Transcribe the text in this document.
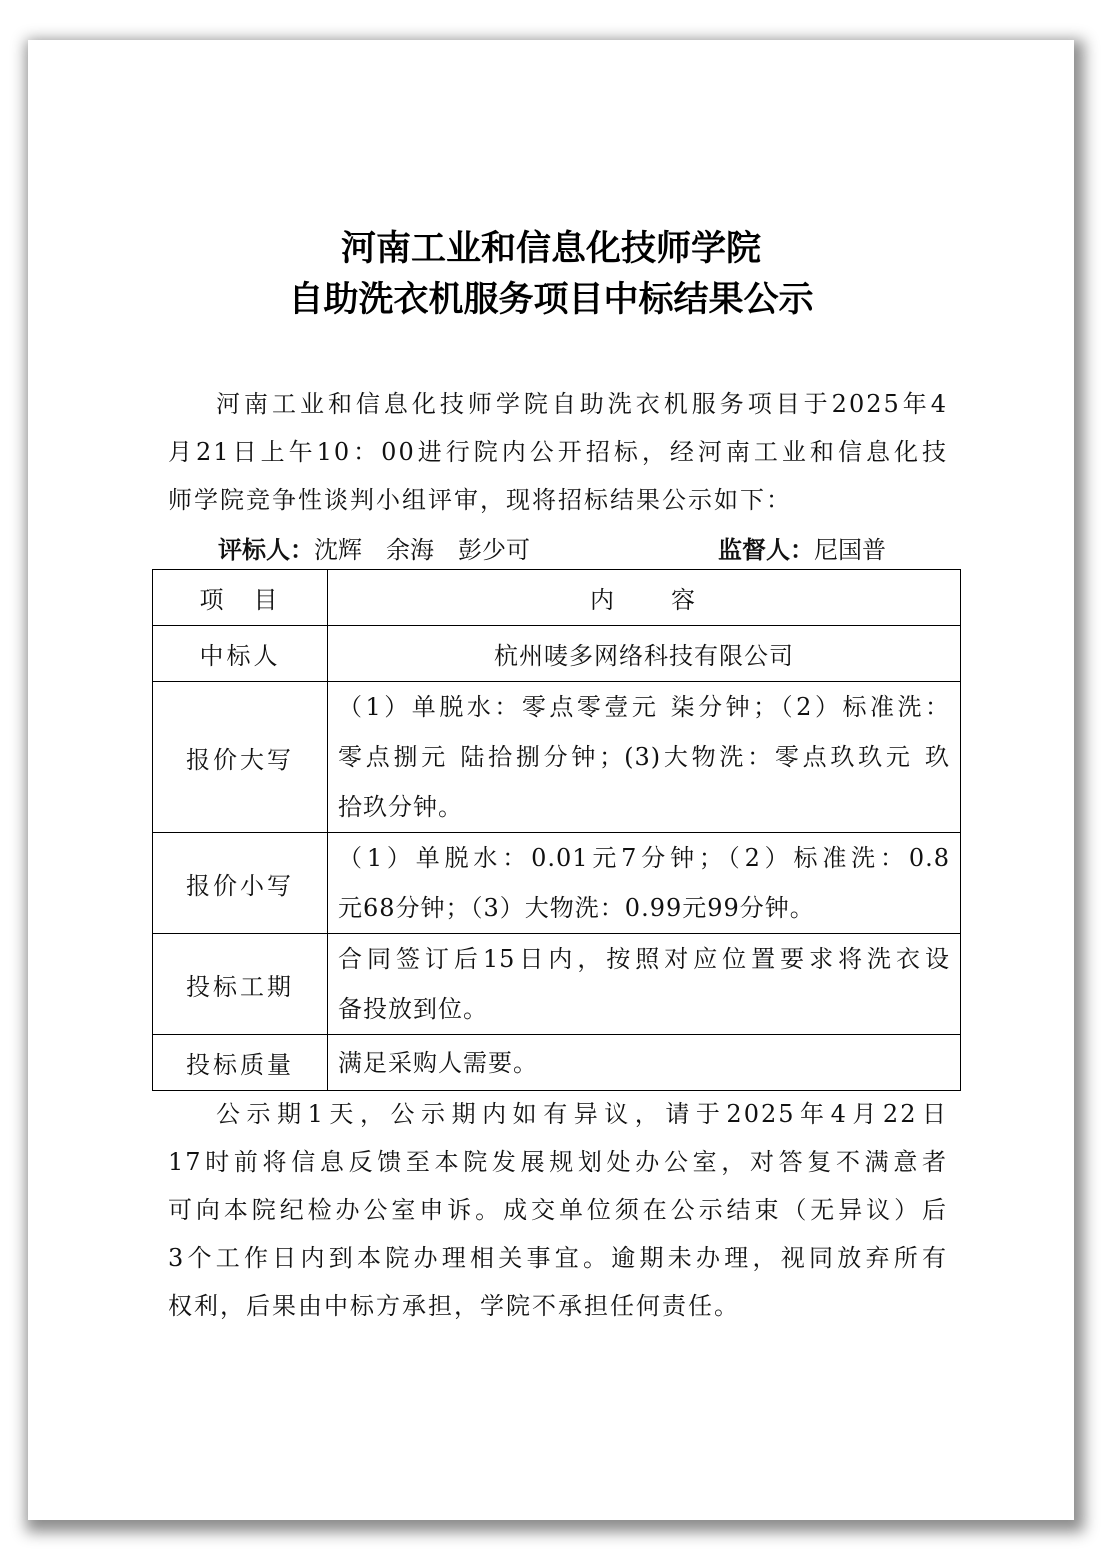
河南工业和信息化技师学院
自助洗衣机服务项目中标结果公示
河南工业和信息化技师学院自助洗衣机服务项目于2025年4
月21日上午10：00进行院内公开招标，经河南工业和信息化技
师学院竞争性谈判小组评审，现将招标结果公示如下：
评标人：沈辉　余海　彭少可	监督人：尼国普
项　目	内　　容
中标人	杭州唛多网络科技有限公司
报价大写	（1）单脱水：零点零壹元 柒分钟；（2）标准洗：
零点捌元 陆拾捌分钟；(3)大物洗：零点玖玖元 玖
拾玖分钟。

报价小写	（1）单脱水：0.01元7分钟；（2）标准洗：0.8
元68分钟；（3）大物洗：0.99元99分钟。

投标工期	合同签订后15日内，按照对应位置要求将洗衣设
备投放到位。

投标质量	满足采购人需要。
公示期1天，公示期内如有异议，请于2025年4月22日
17时前将信息反馈至本院发展规划处办公室，对答复不满意者
可向本院纪检办公室申诉。成交单位须在公示结束（无异议）后
3个工作日内到本院办理相关事宜。逾期未办理，视同放弃所有
权利，后果由中标方承担，学院不承担任何责任。
